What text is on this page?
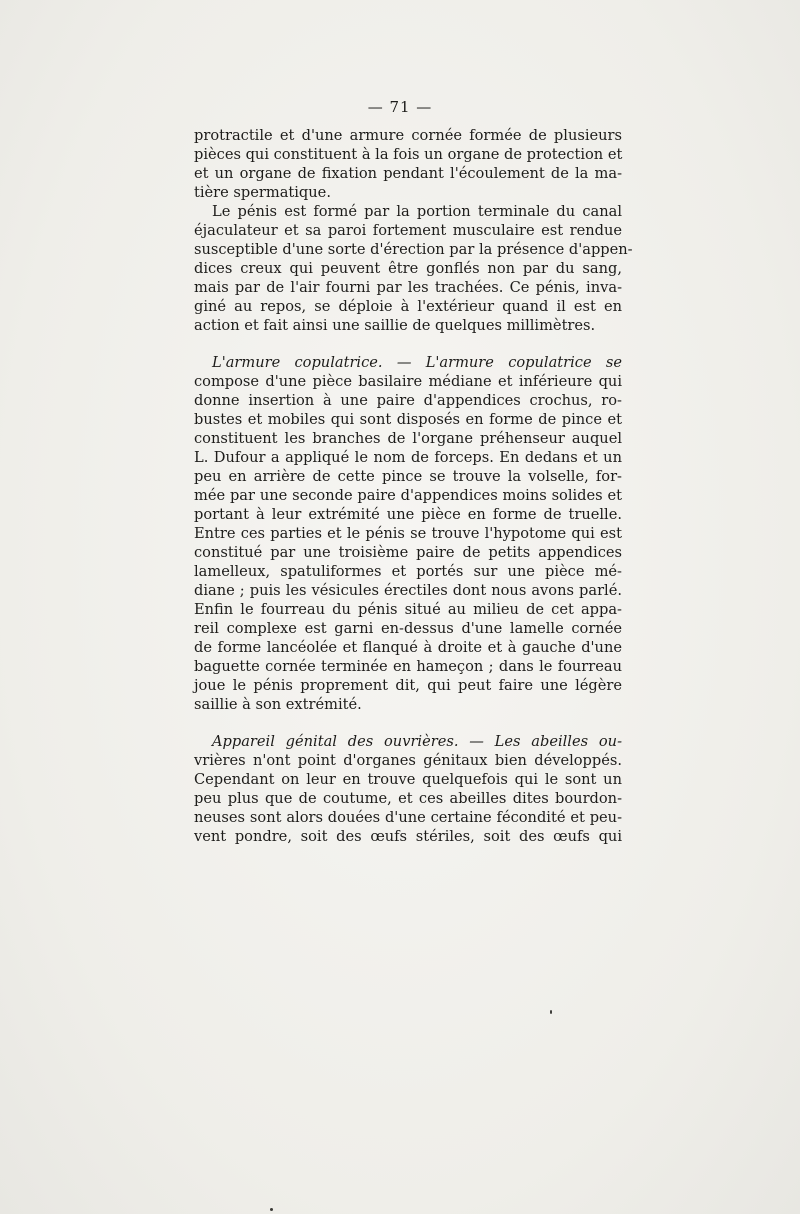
— 71 —

protractile et d'une armure cornée formée de plusieurs
pièces qui constituent à la fois un organe de protection et
et un organe de fixation pendant l'écoulement de la ma-
tière spermatique.

Le pénis est formé par la portion terminale du canal
éjaculateur et sa paroi fortement musculaire est rendue
susceptible d'une sorte d'érection par la présence d'appen-
dices creux qui peuvent être gonflés non par du sang,
mais par de l'air fourni par les trachées. Ce pénis, inva-
giné au repos, se déploie à l'extérieur quand il est en
action et fait ainsi une saillie de quelques millimètres.

L'armure copulatrice. — L'armure copulatrice se
compose d'une pièce basilaire médiane et inférieure qui
donne insertion à une paire d'appendices crochus, ro-
bustes et mobiles qui sont disposés en forme de pince et
constituent les branches de l'organe préhenseur auquel
L. Dufour a appliqué le nom de forceps. En dedans et un
peu en arrière de cette pince se trouve la volselle, for-
mée par une seconde paire d'appendices moins solides et
portant à leur extrémité une pièce en forme de truelle.
Entre ces parties et le pénis se trouve l'hypotome qui est
constitué par une troisième paire de petits appendices
lamelleux, spatuliformes et portés sur une pièce mé-
diane ; puis les vésicules érectiles dont nous avons parlé.
Enfin le fourreau du pénis situé au milieu de cet appa-
reil complexe est garni en-dessus d'une lamelle cornée
de forme lancéolée et flanqué à droite et à gauche d'une
baguette cornée terminée en hameçon ; dans le fourreau
joue le pénis proprement dit, qui peut faire une légère
saillie à son extrémité.

Appareil génital des ouvrières. — Les abeilles ou-
vrières n'ont point d'organes génitaux bien développés.
Cependant on leur en trouve quelquefois qui le sont un
peu plus que de coutume, et ces abeilles dites bourdon-
neuses sont alors douées d'une certaine fécondité et peu-
vent pondre, soit des œufs stériles, soit des œufs qui
